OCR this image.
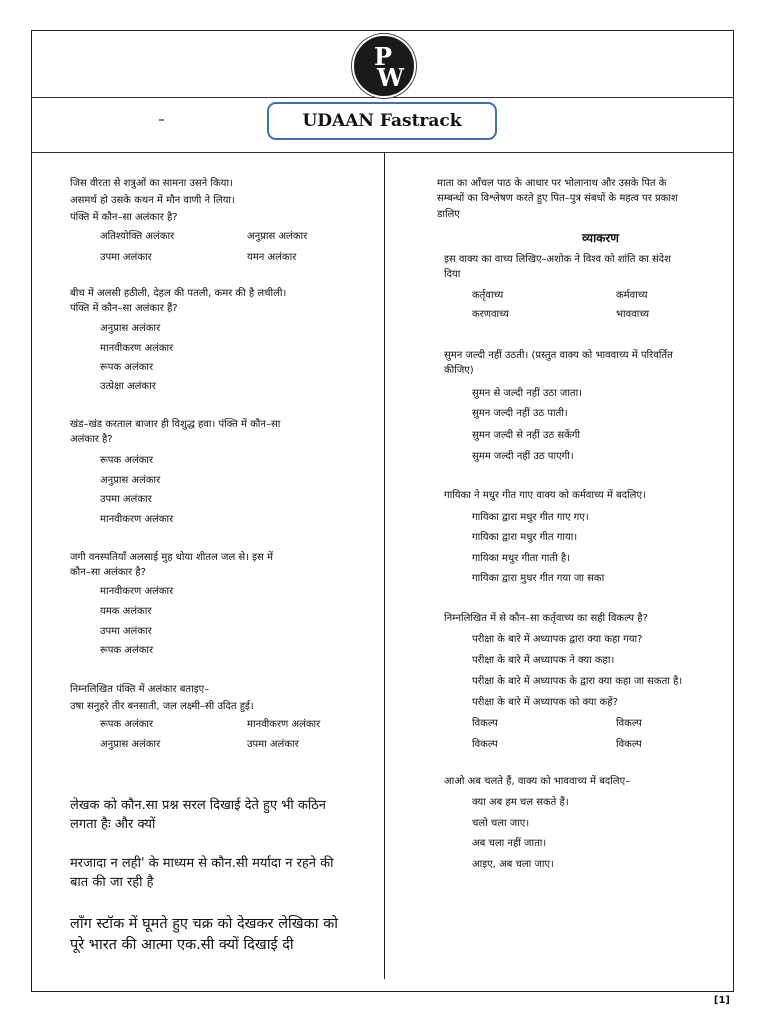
P
W
–	UDAAN Fastrack
जिस वीरता से शत्रुओं का सामना उसने किया।
असमर्थ हो उसके कथन में मौन वाणी ने लिया।
पंक्ति में कौन–सा अलंकार है?
अतिश्योक्ति अलंकार	अनुप्रास अलंकार
उपमा अलंकार	यमन अलंकार
बीच में अलसी हठीली, देहल की पतली, कमर की है लचीली।
पंक्ति में कौन–सा अलंकार हैं?
अनुप्रास अलंकार
मानवीकरण अलंकार
रूपक अलंकार
उत्प्रेक्षा अलंकार
खंड–खंड करताल बाजार ही विशुद्ध हवा। पंक्ति में कौन–सा
अलंकार है?
रूपक अलंकार
अनुप्रास अलंकार
उपमा अलंकार
मानवीकरण अलंकार
जगी वनस्पतियाँ अलसाई मुह धोया शीतल जल से। इस में
कौन–सा अलंकार है?
मानवीकरण अलंकार
यमक अलंकार
उपमा अलंकार
रूपक अलंकार
निम्नलिखित पंक्ति में अलंकार बताइए–
उषा सनुहरे तीर बनसाती, जल लक्ष्मी–सी उदित हुई।
रूपक अलंकार	मानवीकरण अलंकार
अनुप्रास अलंकार	उपमा अलंकार
लेखक को कौन.सा प्रश्न सरल दिखाई देते हुए भी कठिन
लगता हैः और क्यों
मरजादा न लही' के माध्यम से कौन.सी मर्यादा न रहने की
बात की जा रही है
लॉंग स्टॉक में घूमते हुए चक्र को देखकर लेखिका को
पूरे भारत की आत्मा एक.सी क्यों दिखाई दी
माता का आँचल पाठ के आधार पर भोलानाथ और उसके पित के
सम्बन्धों का विश्लेषण करते हुए पित–पुत्र संबधों के महत्व पर प्रकाश
डालिए
व्याकरण
इस वाक्य का वाच्य लिखिए–अशोक ने विश्व को शांति का संदेश
दिया
कर्तृवाच्य	कर्मवाच्य
करणवाच्य	भाववाच्य
सुमन जल्दी नहीं उठती। (प्रस्तुत वाक्य को भाववाच्य में परिवर्तित
कीजिए)
सुमन से जल्दी नहीं उठा जाता।
सुमन जल्दी नहीं उठ पाती।
सुमन जल्दी से नहीं उठ सकेंगी
सुमम जल्दी नहीं उठ पाएगी।
गायिका ने मधुर गीत गाए वाक्य को कर्मवाच्य में बदलिए।
गायिका द्वारा मधुर गीत गाए गए।
गायिका द्वारा मधुर गीत गाया।
गायिका मधुर गीता गाती है।
गायिका द्वारा मुधर गीत गया जा सका
निम्नलिखित में से कौन–सा कर्तृवाच्य का सही विकल्प है?
परीक्षा के बारे में अध्यापक द्वारा क्या कहा गया?
परीक्षा के बारे में अध्यापक ने क्या कहा।
परीक्षा के बारे में अध्यापक के द्वारा क्या कहा जा सकता है।
परीक्षा के बारे में अध्यापक को क्या कहें?
विकल्प	विकल्प
विकल्प	विकल्प
आओ अब चलते हैं, वाक्य को भाववाच्य में बदलिए–
क्या अब हम चल सकते हैं।
चलो चला जाए।
अब चला नहीं जाता।
आइए, अब चला जाए।
[1]
